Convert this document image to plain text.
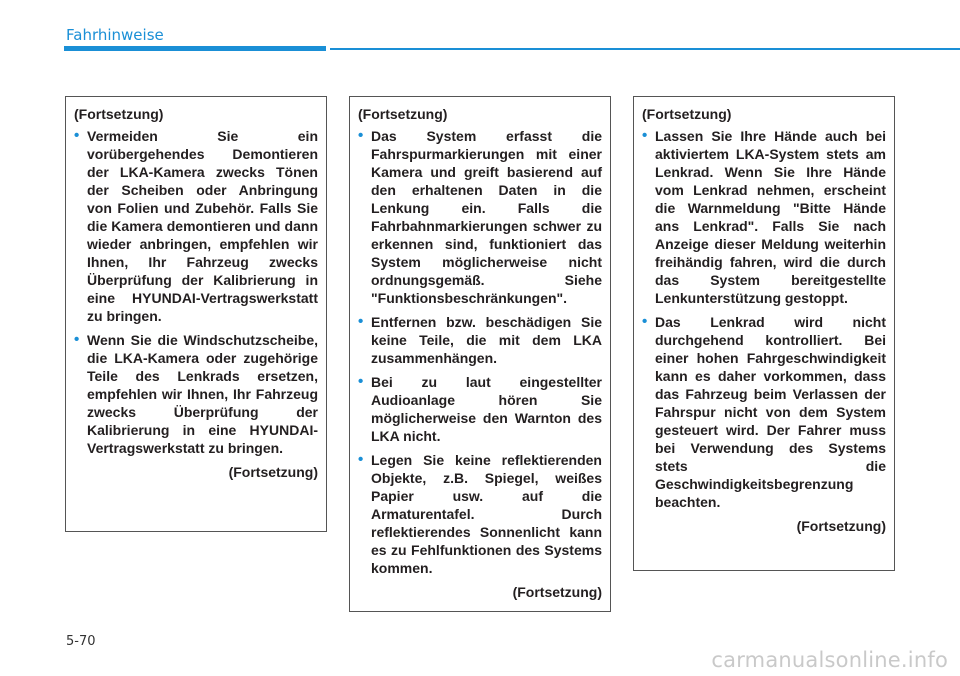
Fahrhinweise

(Fortsetzung)

• Vermeiden Sie ein vorübergehendes Demontieren der LKA-Kamera zwecks Tönen der Scheiben oder Anbringung von Folien und Zubehör. Falls Sie die Kamera demontieren und dann wieder anbringen, empfehlen wir Ihnen, Ihr Fahrzeug zwecks Überprüfung der Kalibrierung in eine HYUNDAI-Vertragswerkstatt zu bringen.
• Wenn Sie die Windschutzscheibe, die LKA-Kamera oder zugehörige Teile des Lenkrads ersetzen, empfehlen wir Ihnen, Ihr Fahrzeug zwecks Überprüfung der Kalibrierung in eine HYUNDAI-Vertragswerkstatt zu bringen.

(Fortsetzung)

(Fortsetzung)

• Das System erfasst die Fahrspurmarkierungen mit einer Kamera und greift basierend auf den erhaltenen Daten in die Lenkung ein. Falls die Fahrbahnmarkierungen schwer zu erkennen sind, funktioniert das System möglicherweise nicht ordnungsgemäß. Siehe "Funktionsbeschränkungen".
• Entfernen bzw. beschädigen Sie keine Teile, die mit dem LKA zusammenhängen.
• Bei zu laut eingestellter Audioanlage hören Sie möglicherweise den Warnton des LKA nicht.
• Legen Sie keine reflektierenden Objekte, z.B. Spiegel, weißes Papier usw. auf die Armaturentafel. Durch reflektierendes Sonnenlicht kann es zu Fehlfunktionen des Systems kommen.

(Fortsetzung)

(Fortsetzung)

• Lassen Sie Ihre Hände auch bei aktiviertem LKA-System stets am Lenkrad. Wenn Sie Ihre Hände vom Lenkrad nehmen, erscheint die Warnmeldung "Bitte Hände ans Lenkrad". Falls Sie nach Anzeige dieser Meldung weiterhin freihändig fahren, wird die durch das System bereitgestellte Lenkunterstützung gestoppt.
• Das Lenkrad wird nicht durchgehend kontrolliert. Bei einer hohen Fahrgeschwindigkeit kann es daher vorkommen, dass das Fahrzeug beim Verlassen der Fahrspur nicht von dem System gesteuert wird. Der Fahrer muss bei Verwendung des Systems stets die Geschwindigkeitsbegrenzung beachten.

(Fortsetzung)

5-70
carmanualsonline.info
